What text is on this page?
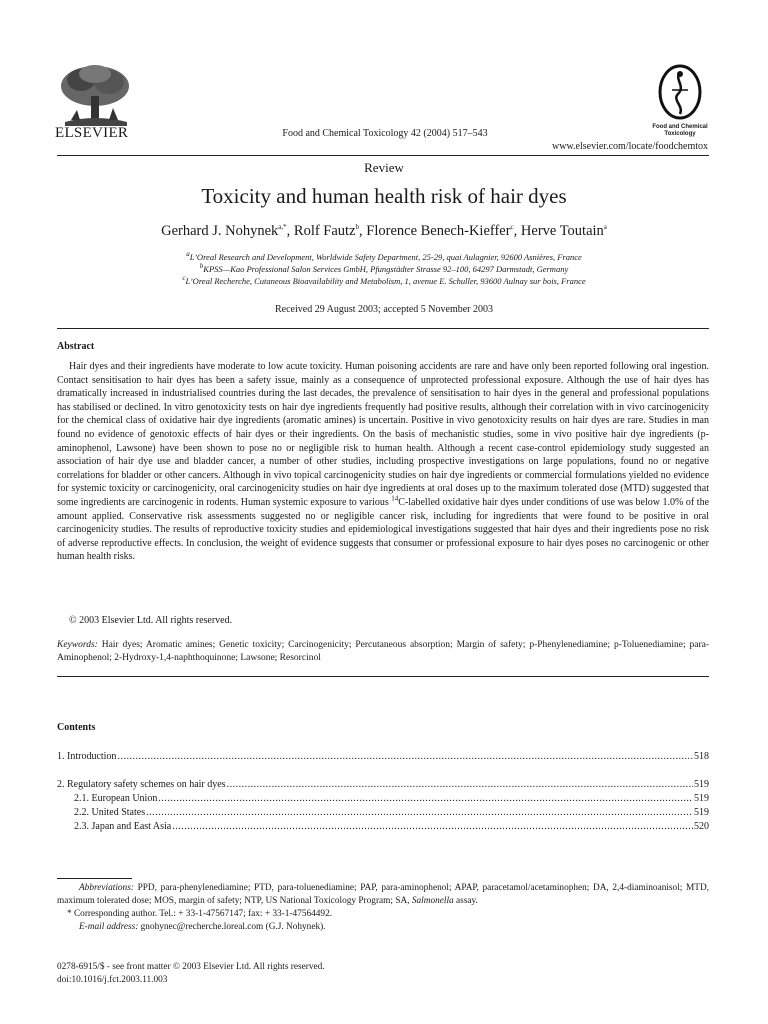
ELSEVIER	Food and Chemical Toxicology 42 (2004) 517–543
Food and Chemical
Toxicology
www.elsevier.com/locate/foodchemtox
Review
Toxicity and human health risk of hair dyes
Gerhard J. Nohynek$^{a,*}$, Rolf Fautz$^b$, Florence Benech-Kieffer$^c$, Herve Toutain$^a$
$^a$L’Oreal Research and Development, Worldwide Safety Department, 25-29, quai Aulagnier, 92600 Asnières, France
$^b$KPSS—Kao Professional Salon Services GmbH, Pfungstädter Strasse 92–100, 64297 Darmstadt, Germany
$^c$L’Oreal Recherche, Cutaneous Bioavailability and Metabolism, 1, avenue E. Schuller, 93600 Aulnay sur bois, France
Received 29 August 2003; accepted 5 November 2003
Abstract
Hair dyes and their ingredients have moderate to low acute toxicity. Human poisoning accidents are rare and have only been reported following oral ingestion. Contact sensitisation to hair dyes has been a safety issue, mainly as a consequence of unprotected professional exposure. Although the use of hair dyes has dramatically increased in industrialised countries during the last decades, the prevalence of sensitisation to hair dyes in the general and professional populations has stabilised or declined. In vitro genotoxicity tests on hair dye ingredients frequently had positive results, although their correlation with in vivo carcinogenicity for the chemical class of oxidative hair dye ingredients (aromatic amines) is uncertain. Positive in vivo genotoxicity results on hair dyes are rare. Studies in man found no evidence of genotoxic effects of hair dyes or their ingredients. On the basis of mechanistic studies, some in vivo positive hair dye ingredients (p-aminophenol, Lawsone) have been shown to pose no or negligible risk to human health. Although a recent case-control epidemiology study suggested an association of hair dye use and bladder cancer, a number of other studies, including prospective investigations on large populations, found no or negative correlations for bladder or other cancers. Although in vivo topical carcinogenicity studies on hair dye ingredients or commercial formulations yielded no evidence for systemic toxicity or carcinogenicity, oral carcinogenicity studies on hair dye ingredients at oral doses up to the maximum tolerated dose (MTD) suggested that some ingredients are carcinogenic in rodents. Human systemic exposure to various $^{14}$C-labelled oxidative hair dyes under conditions of use was below 1.0% of the amount applied. Conservative risk assessments suggested no or negligible cancer risk, including for ingredients that were found to be positive in oral carcinogenicity studies. The results of reproductive toxicity studies and epidemiological investigations suggested that hair dyes and their ingredients pose no risk of adverse reproductive effects. In conclusion, the weight of evidence suggests that consumer or professional exposure to hair dyes poses no carcinogenic or other human health risks.
© 2003 Elsevier Ltd. All rights reserved.
Keywords: Hair dyes; Aromatic amines; Genetic toxicity; Carcinogenicity; Percutaneous absorption; Margin of safety; p-Phenylenediamine; p-Toluenediamine; para-Aminophenol; 2-Hydroxy-1,4-naphthoquinone; Lawsone; Resorcinol
Contents
1. Introduction .....	518
2. Regulatory safety schemes on hair dyes .....	519
2.1. European Union .....	519
2.2. United States .....	519
2.3. Japan and East Asia .....	520
Abbreviations: PPD, para-phenylenediamine; PTD, para-toluenediamine; PAP, para-aminophenol; APAP, paracetamol/acetaminophen; DA, 2,4-diaminoanisol; MTD, maximum tolerated dose; MOS, margin of safety; NTP, US National Toxicology Program; SA, Salmonella assay.
* Corresponding author. Tel.: + 33-1-47567147; fax: + 33-1-47564492.
E-mail address: gnohynec@recherche.loreal.com (G.J. Nohynek).
0278-6915/$ - see front matter © 2003 Elsevier Ltd. All rights reserved.
doi:10.1016/j.fct.2003.11.003
